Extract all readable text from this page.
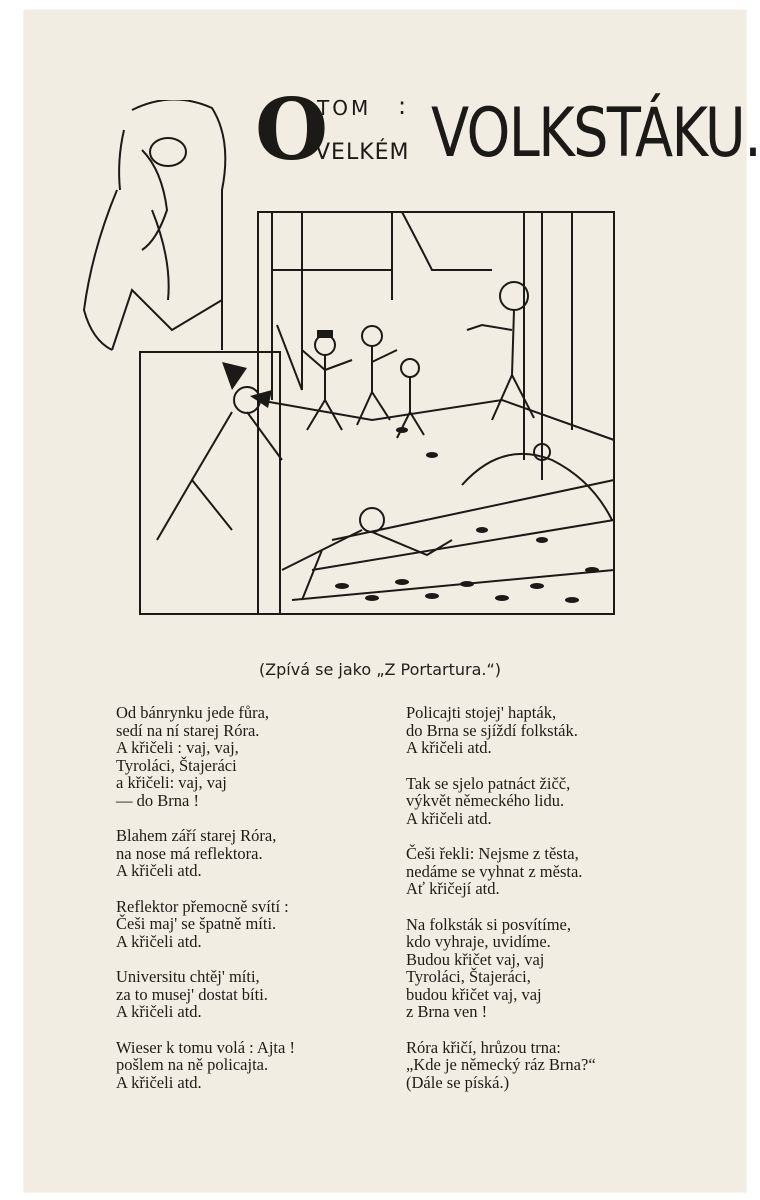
O
TOM :
VELKÉM VOLKSTÁKU.
(Zpívá se jako „Z Portartura.“)
Od bánrynku jede fůra,
sedí na ní starej Róra.
A křičeli : vaj, vaj,
Tyroláci, Štajeráci
a křičeli: vaj, vaj
— do Brna !
Blahem září starej Róra,
na nose má reflektora.
A křičeli atd.
Reflektor přemocně svítí :
Češi maj' se špatně míti.
A křičeli atd.
Universitu chtěj' míti,
za to musej' dostat bíti.
A křičeli atd.
Wieser k tomu volá : Ajta !
pošlem na ně policajta.
A křičeli atd.
Policajti stojej' hapták,
do Brna se sjíždí folksták.
A křičeli atd.
Tak se sjelo patnáct žičč,
výkvět německého lidu.
A křičeli atd.
Češi řekli: Nejsme z těsta,
nedáme se vyhnat z města.
Ať křičejí atd.
Na folksták si posvítíme,
kdo vyhraje, uvidíme.
Budou křičet vaj, vaj
Tyroláci, Štajeráci,
budou křičet vaj, vaj
z Brna ven !
Róra křičí, hrůzou trna:
„Kde je německý ráz Brna?“
(Dále se píská.)
